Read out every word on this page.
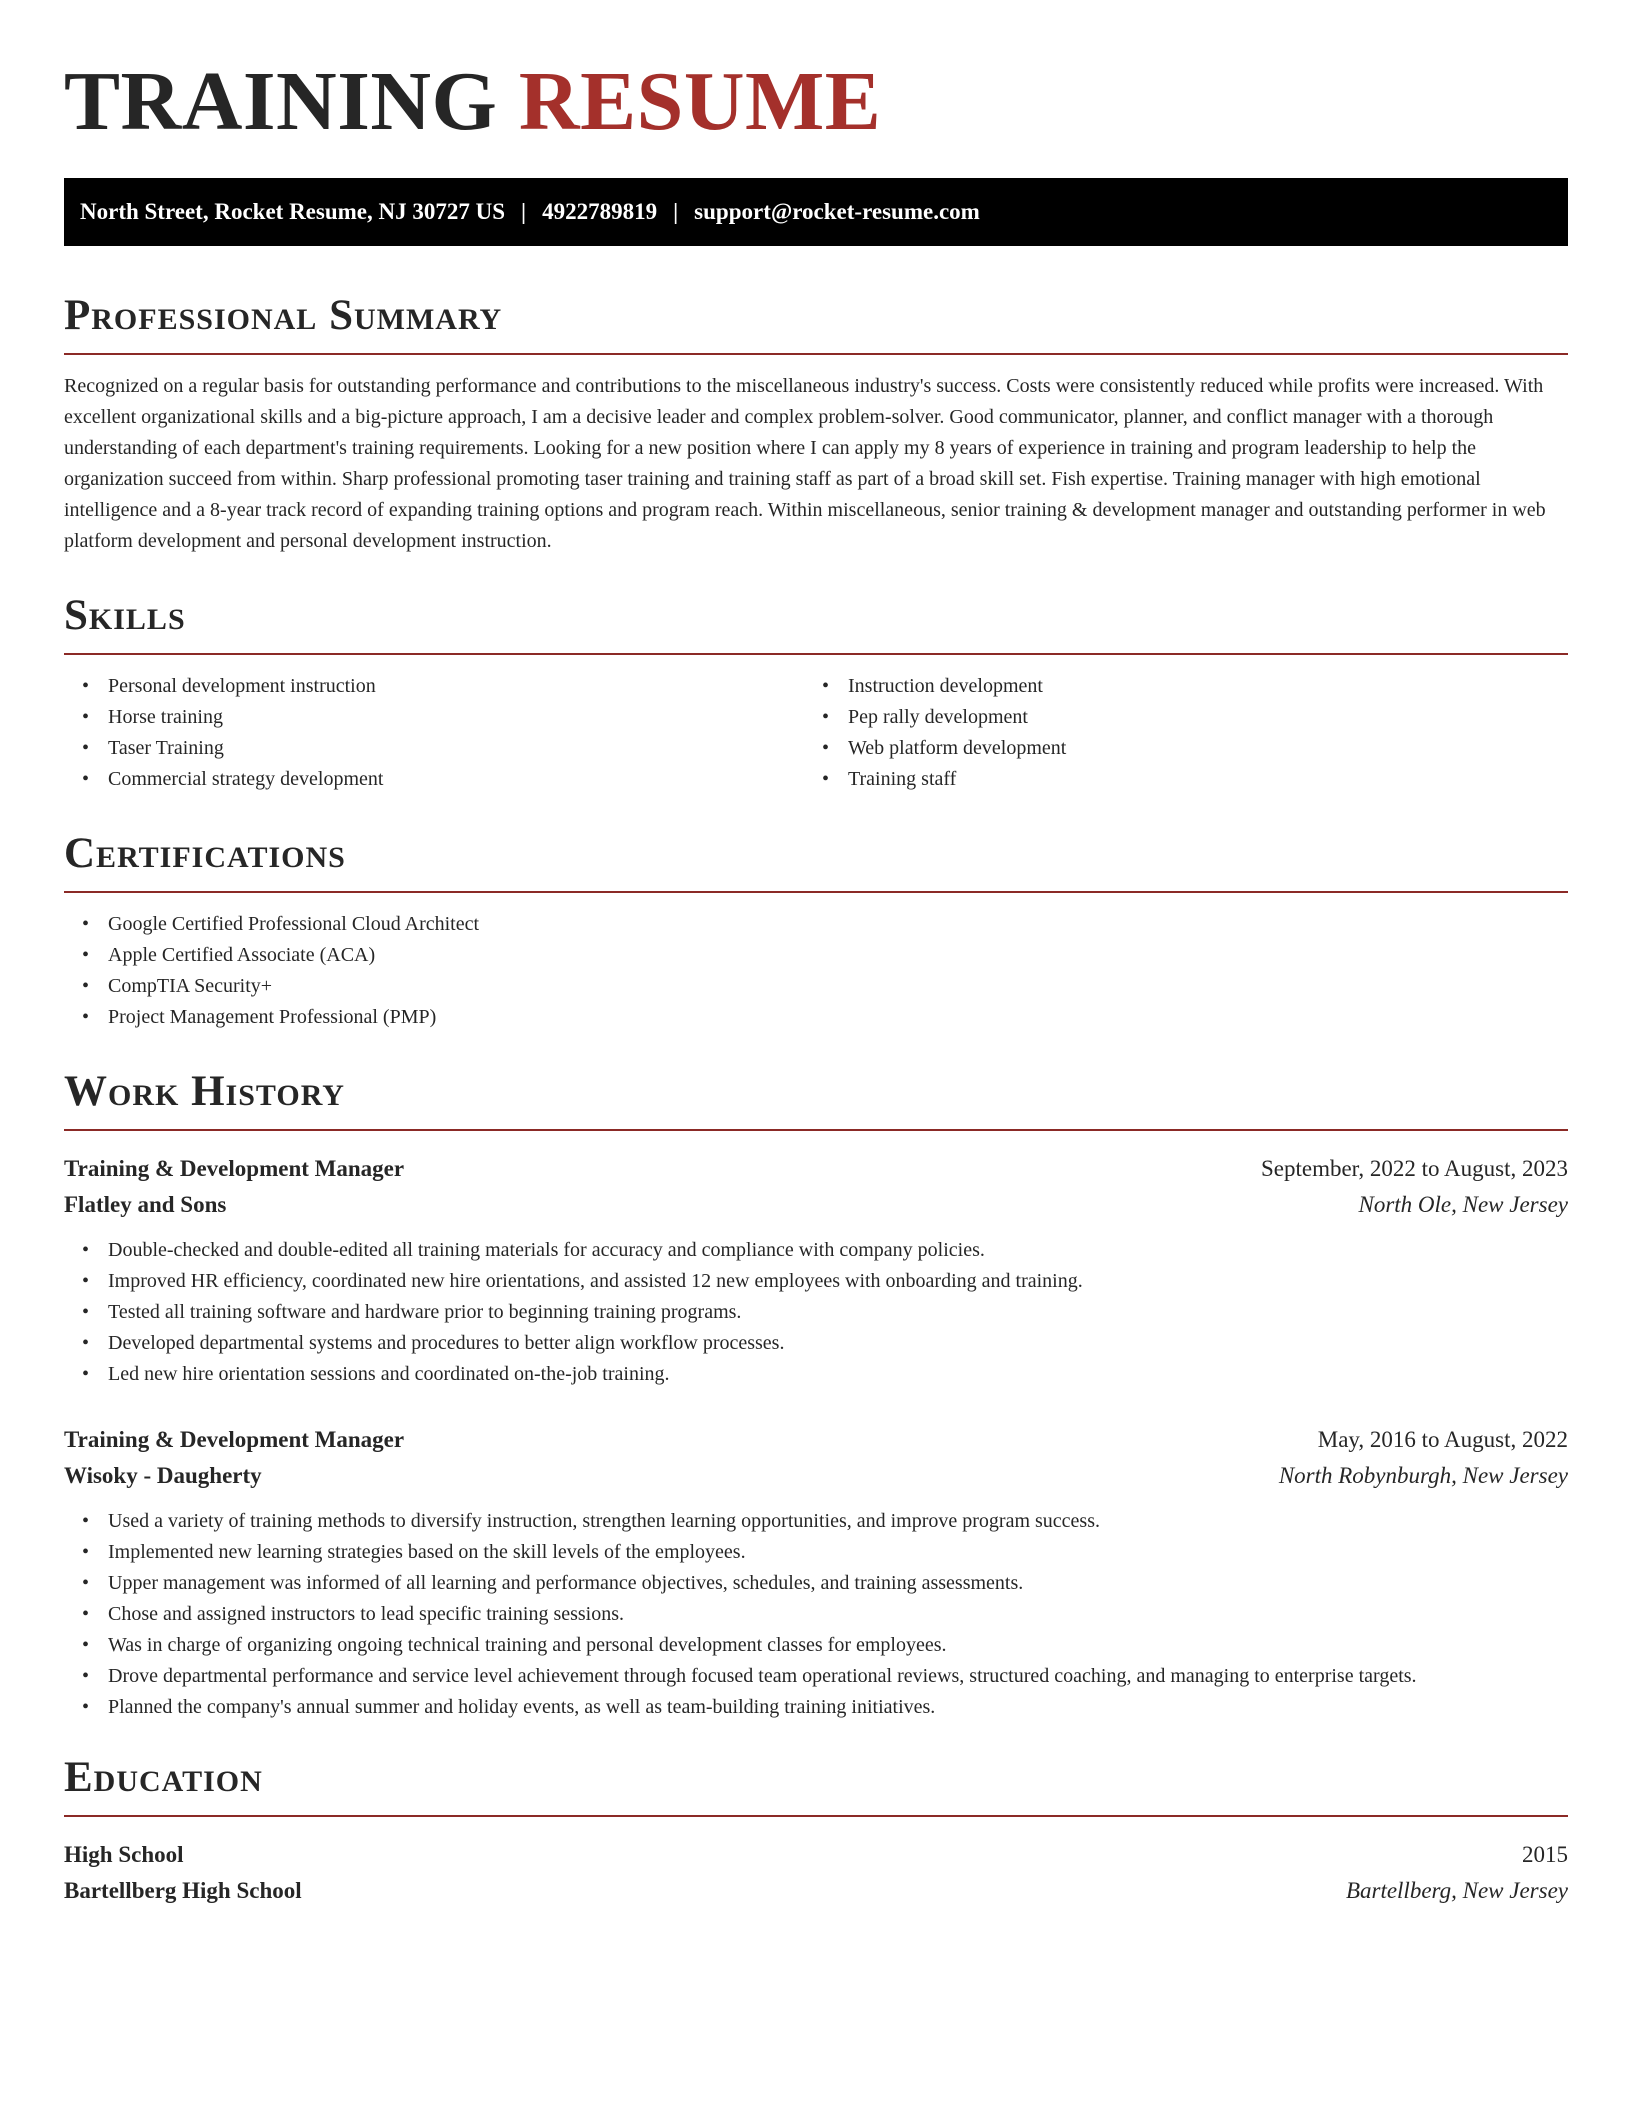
TRAINING RESUME
North Street, Rocket Resume, NJ 30727 US | 4922789819 | support@rocket-resume.com
Professional Summary

Recognized on a regular basis for outstanding performance and contributions to the miscellaneous industry's success. Costs were consistently reduced while profits were increased. With excellent organizational skills and a big-picture approach, I am a decisive leader and complex problem-solver. Good communicator, planner, and conflict manager with a thorough understanding of each department's training requirements. Looking for a new position where I can apply my 8 years of experience in training and program leadership to help the organization succeed from within. Sharp professional promoting taser training and training staff as part of a broad skill set. Fish expertise. Training manager with high emotional intelligence and a 8-year track record of expanding training options and program reach. Within miscellaneous, senior training & development manager and outstanding performer in web platform development and personal development instruction.

Skills
• Personal development instruction
• Horse training
• Taser Training
• Commercial strategy development
• Instruction development
• Pep rally development
• Web platform development
• Training staff
Certifications
• Google Certified Professional Cloud Architect
• Apple Certified Associate (ACA)
• CompTIA Security+
• Project Management Professional (PMP)
Work History
Training & Development Manager	September, 2022 to August, 2023
Flatley and Sons	North Ole, New Jersey
• Double-checked and double-edited all training materials for accuracy and compliance with company policies.
• Improved HR efficiency, coordinated new hire orientations, and assisted 12 new employees with onboarding and training.
• Tested all training software and hardware prior to beginning training programs.
• Developed departmental systems and procedures to better align workflow processes.
• Led new hire orientation sessions and coordinated on-the-job training.
Training & Development Manager	May, 2016 to August, 2022
Wisoky - Daugherty	North Robynburgh, New Jersey
• Used a variety of training methods to diversify instruction, strengthen learning opportunities, and improve program success.
• Implemented new learning strategies based on the skill levels of the employees.
• Upper management was informed of all learning and performance objectives, schedules, and training assessments.
• Chose and assigned instructors to lead specific training sessions.
• Was in charge of organizing ongoing technical training and personal development classes for employees.
• Drove departmental performance and service level achievement through focused team operational reviews, structured coaching, and managing to enterprise targets.
• Planned the company's annual summer and holiday events, as well as team-building training initiatives.
Education
High School	2015
Bartellberg High School	Bartellberg, New Jersey
